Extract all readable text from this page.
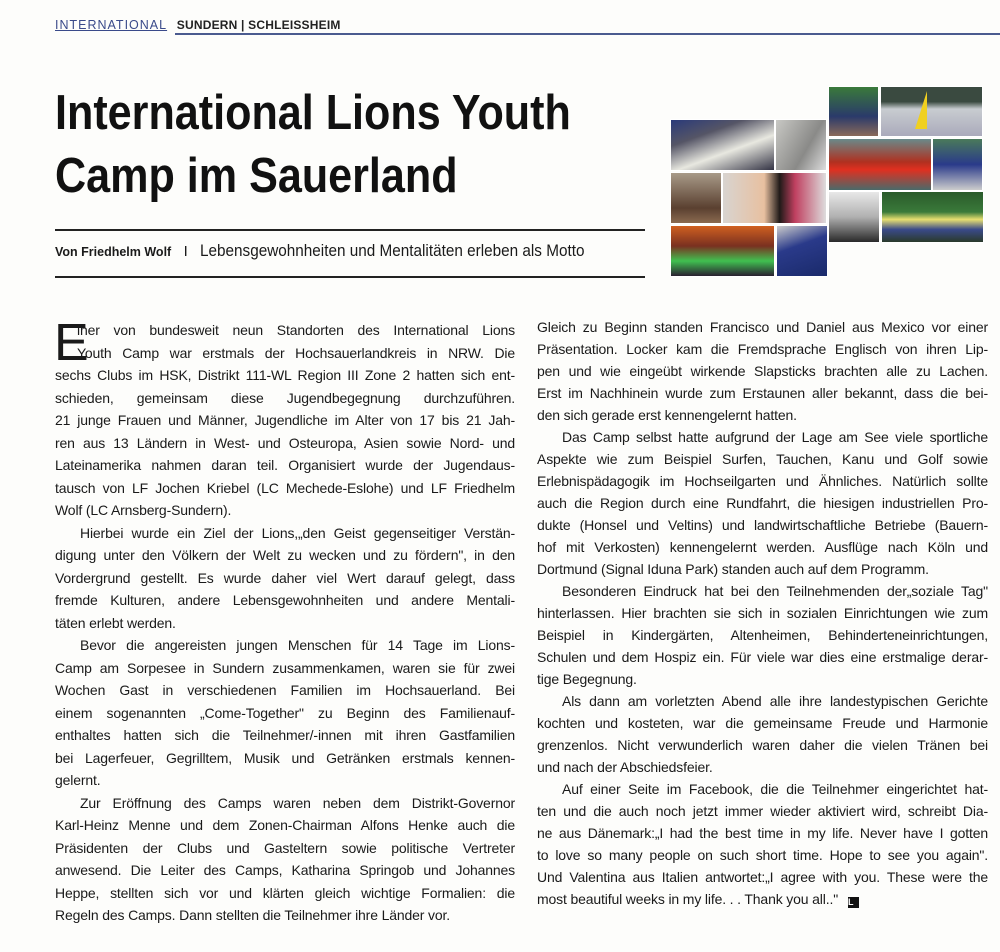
INTERNATIONAL SUNDERN | SCHLEISSHEIM
International Lions Youth
Camp im Sauerland
Von Friedhelm Wolf I Lebensgewohnheiten und Mentalitäten erleben als Motto
E
iner von bundesweit neun Standorten des International Lions
Youth Camp war erstmals der Hochsauerlandkreis in NRW. Die
sechs Clubs im HSK, Distrikt 111-WL Region III Zone 2 hatten sich ent-
schieden, gemeinsam diese Jugendbegegnung durchzuführen.
21 junge Frauen und Männer, Jugendliche im Alter von 17 bis 21 Jah-
ren aus 13 Ländern in West- und Osteuropa, Asien sowie Nord- und
Lateinamerika nahmen daran teil. Organisiert wurde der Jugendaus-
tausch von LF Jochen Kriebel (LC Mechede-Eslohe) und LF Friedhelm
Wolf (LC Arnsberg-Sundern).
Hierbei wurde ein Ziel der Lions,„den Geist gegenseitiger Verstän-
digung unter den Völkern der Welt zu wecken und zu fördern", in den
Vordergrund gestellt. Es wurde daher viel Wert darauf gelegt, dass
fremde Kulturen, andere Lebensgewohnheiten und andere Mentali-
täten erlebt werden.
Bevor die angereisten jungen Menschen für 14 Tage im Lions-
Camp am Sorpesee in Sundern zusammenkamen, waren sie für zwei
Wochen Gast in verschiedenen Familien im Hochsauerland. Bei
einem sogenannten „Come-Together" zu Beginn des Familienauf-
enthaltes hatten sich die Teilnehmer/-innen mit ihren Gastfamilien
bei Lagerfeuer, Gegrilltem, Musik und Getränken erstmals kennen-
gelernt.
Zur Eröffnung des Camps waren neben dem Distrikt-Governor
Karl-Heinz Menne und dem Zonen-Chairman Alfons Henke auch die
Präsidenten der Clubs und Gasteltern sowie politische Vertreter
anwesend. Die Leiter des Camps, Katharina Springob und Johannes
Heppe, stellten sich vor und klärten gleich wichtige Formalien: die
Regeln des Camps. Dann stellten die Teilnehmer ihre Länder vor.
Gleich zu Beginn standen Francisco und Daniel aus Mexico vor einer
Präsentation. Locker kam die Fremdsprache Englisch von ihren Lip-
pen und wie eingeübt wirkende Slapsticks brachten alle zu Lachen.
Erst im Nachhinein wurde zum Erstaunen aller bekannt, dass die bei-
den sich gerade erst kennengelernt hatten.
Das Camp selbst hatte aufgrund der Lage am See viele sportliche
Aspekte wie zum Beispiel Surfen, Tauchen, Kanu und Golf sowie
Erlebnispädagogik im Hochseilgarten und Ähnliches. Natürlich sollte
auch die Region durch eine Rundfahrt, die hiesigen industriellen Pro-
dukte (Honsel und Veltins) und landwirtschaftliche Betriebe (Bauern-
hof mit Verkosten) kennengelernt werden. Ausflüge nach Köln und
Dortmund (Signal Iduna Park) standen auch auf dem Programm.
Besonderen Eindruck hat bei den Teilnehmenden der„soziale Tag"
hinterlassen. Hier brachten sie sich in sozialen Einrichtungen wie zum
Beispiel in Kindergärten, Altenheimen, Behinderteneinrichtungen,
Schulen und dem Hospiz ein. Für viele war dies eine erstmalige derar-
tige Begegnung.
Als dann am vorletzten Abend alle ihre landestypischen Gerichte
kochten und kosteten, war die gemeinsame Freude und Harmonie
grenzenlos. Nicht verwunderlich waren daher die vielen Tränen bei
und nach der Abschiedsfeier.
Auf einer Seite im Facebook, die die Teilnehmer eingerichtet hat-
ten und die auch noch jetzt immer wieder aktiviert wird, schreibt Dia-
ne aus Dänemark:„I had the best time in my life. Never have I gotten
to love so many people on such short time. Hope to see you again".
Und Valentina aus Italien antwortet:„I agree with you. These were the
most beautiful weeks in my life. . . Thank you all.." L
